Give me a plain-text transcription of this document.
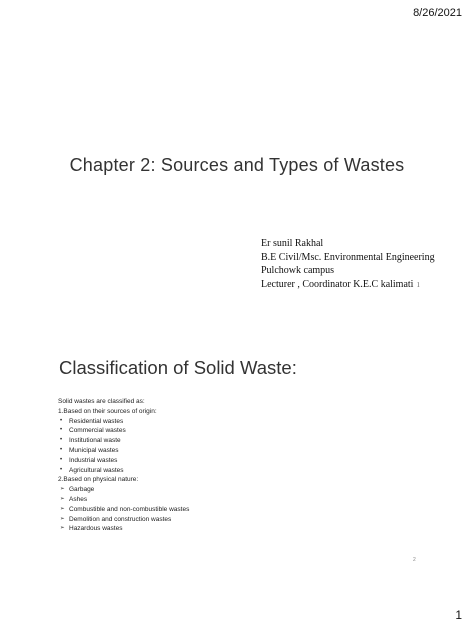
8/26/2021
Chapter 2: Sources and Types of Wastes
Er sunil Rakhal
B.E Civil/Msc. Environmental Engineering
Pulchowk campus
Lecturer , Coordinator K.E.C kalimati 1
Classification of Solid Waste:
Solid wastes are classified as:
1.Based on their sources of origin:
•	Residential wastes
•	Commercial wastes
•	Institutional waste
•	Municipal wastes
•	Industrial wastes
•	Agricultural wastes
2.Based on physical nature:
➢ Garbage
➢ Ashes
➢ Combustible and non-combustible wastes
➢ Demolition and construction wastes
➢ Hazardous wastes
2
1
